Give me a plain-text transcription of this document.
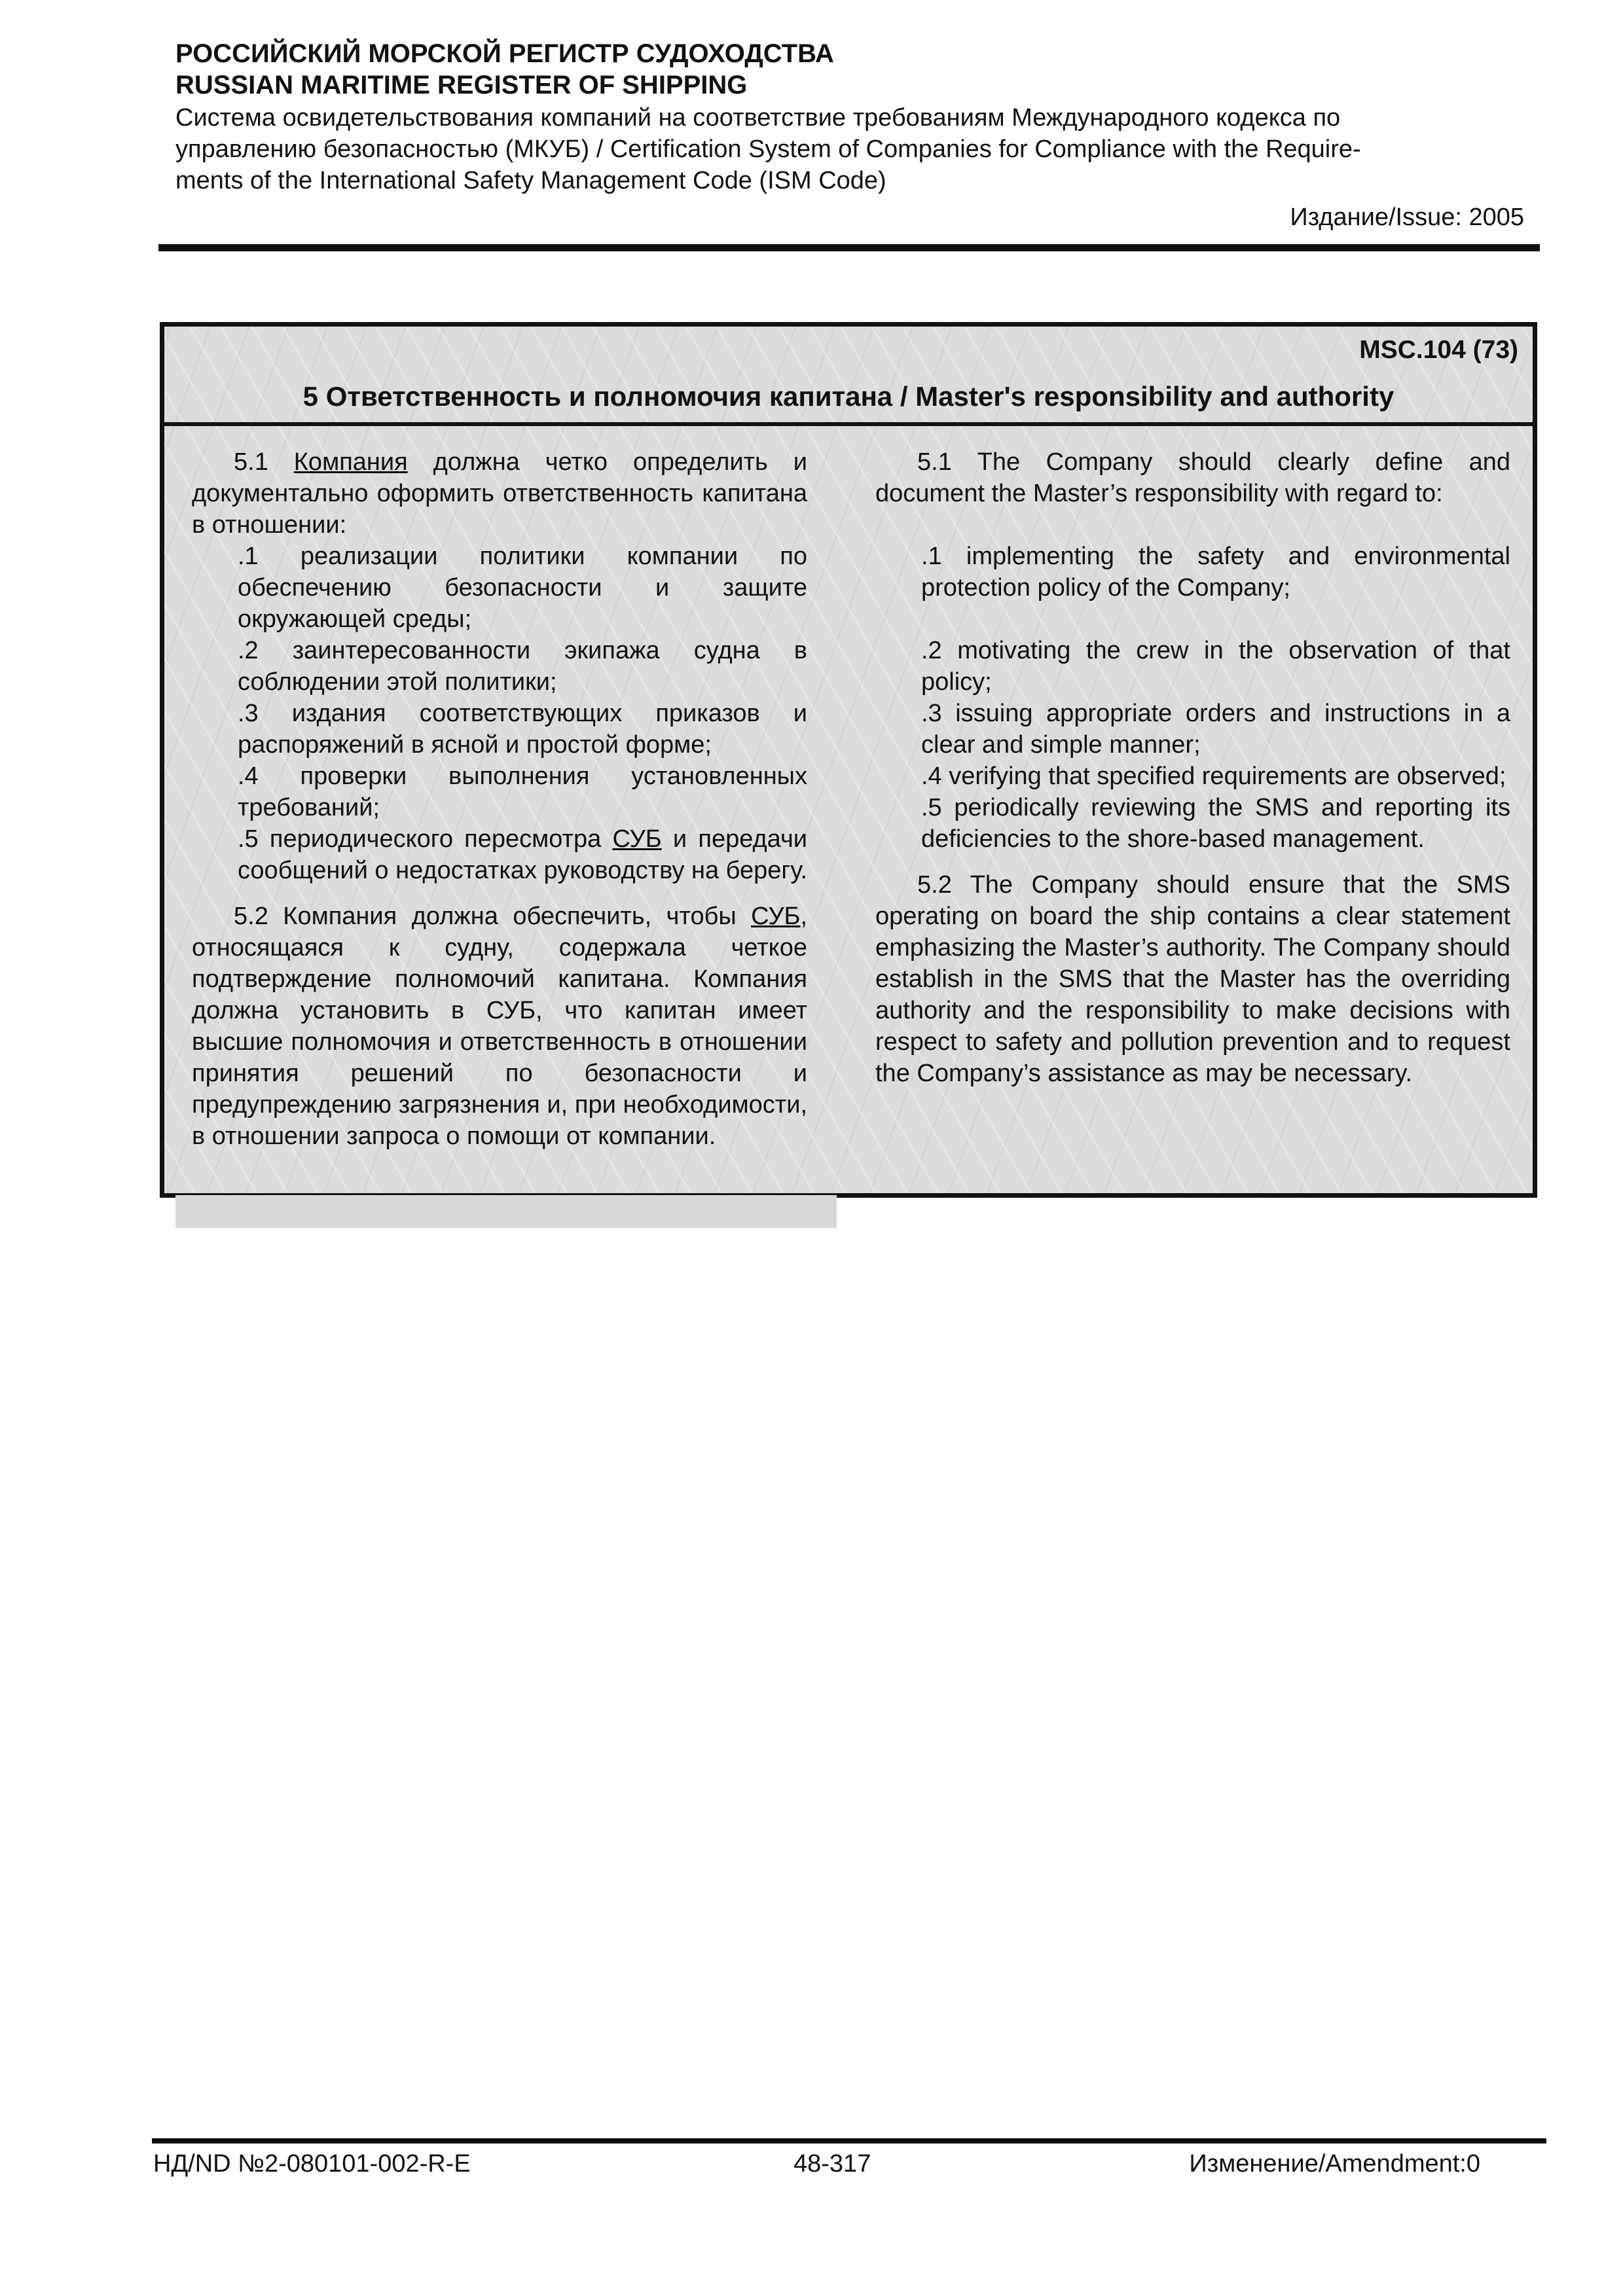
РОССИЙСКИЙ МОРСКОЙ РЕГИСТР СУДОХОДСТВА
RUSSIAN MARITIME REGISTER OF SHIPPING
Система освидетельствования компаний на соответствие требованиям Международного кодекса по
управлению безопасностью (МКУБ) / Certification System of Companies for Compliance with the Require-
ments of the International Safety Management Code (ISM Code)
Издание/Issue: 2005
MSC.104 (73)
5 Ответственность и полномочия капитана / Master's responsibility and authority

5.1 Компания должна четко определить и документально оформить ответственность капитана в отношении:

.1 реализации политики компании по обеспечению безопасности и защите окружающей среды;

.2 заинтересованности экипажа судна в соблюдении этой политики;

.3 издания соответствующих приказов и распоряжений в ясной и простой форме;

.4 проверки выполнения установленных требований;

.5 периодического пересмотра СУБ и передачи сообщений о недостатках руководству на берегу.

5.2 Компания должна обеспечить, чтобы СУБ, относящаяся к судну, содержала четкое подтверждение полномочий капитана. Компания должна установить в СУБ, что капитан имеет высшие полномочия и ответственность в отношении принятия решений по безопасности и предупреждению загрязнения и, при необходимости, в отношении запроса о помощи от компании.

5.1 The Company should clearly define and document the Master’s responsibility with regard to:

.1 implementing the safety and environmental protection policy of the Company;

.2 motivating the crew in the observation of that policy;

.3 issuing appropriate orders and instructions in a clear and simple manner;

.4 verifying that specified requirements are observed;

.5 periodically reviewing the SMS and reporting its deficiencies to the shore-based management.

5.2 The Company should ensure that the SMS operating on board the ship contains a clear statement emphasizing the Master’s authority. The Company should establish in the SMS that the Master has the overriding authority and the responsibility to make decisions with respect to safety and pollution prevention and to request the Company’s assistance as may be necessary.

НД/ND №2-080101-002-R-E	48-317	Изменение/Amendment:0
